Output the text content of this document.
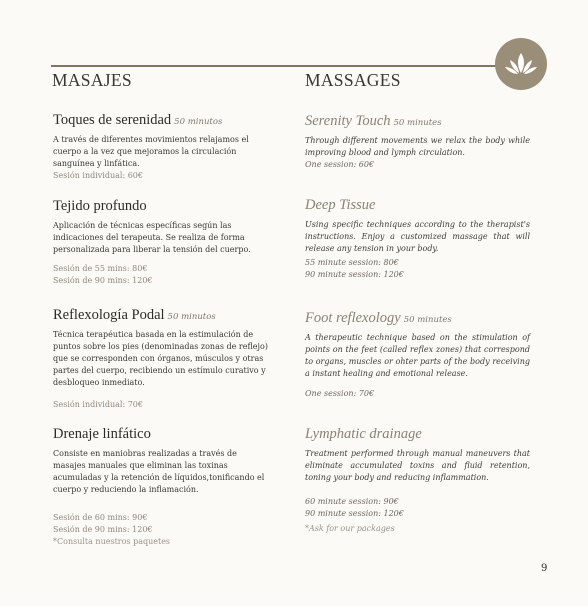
MASAJES	MASSAGES
Toques de serenidad 50 minutos
A través de diferentes movimientos relajamos el cuerpo a la vez que mejoramos la circulación sanguínea y linfática.
Sesión individual: 60€
Tejido profundo
Aplicación de técnicas específicas según las indicaciones del terapeuta. Se realiza de forma personalizada para liberar la tensión del cuerpo.
Sesión de 55 mins: 80€
Sesión de 90 mins: 120€
Reflexología Podal 50 minutos
Técnica terapéutica basada en la estimulación de puntos sobre los pies (denominadas zonas de reflejo) que se corresponden con órganos, músculos y otras partes del cuerpo, recibiendo un estímulo curativo y desbloqueo inmediato.
Sesión individual: 70€
Drenaje linfático
Consiste en maniobras realizadas a través de masajes manuales que eliminan las toxinas acumuladas y la retención de líquidos,tonificando el cuerpo y reduciendo la inflamación.
Sesión de 60 mins: 90€
Sesión de 90 mins: 120€
*Consulta nuestros paquetes
Serenity Touch 50 minutes
Through different movements we relax the body while improving blood and lymph circulation.
One session: 60€
Deep Tissue
Using specific techniques according to the therapist's instructions. Enjoy a customized massage that will release any tension in your body.
55 minute session: 80€
90 minute session: 120€
Foot reflexology 50 minutes
A therapeutic technique based on the stimulation of points on the feet (called reflex zones) that correspond to organs, muscles or ohter parts of the body receiving a instant healing and emotional release.
One session: 70€
Lymphatic drainage
Treatment performed through manual maneuvers that eliminate accumulated toxins and fluid retention, toning your body and reducing inflammation.
60 minute session: 90€
90 minute session: 120€
*Ask for our packages
9
